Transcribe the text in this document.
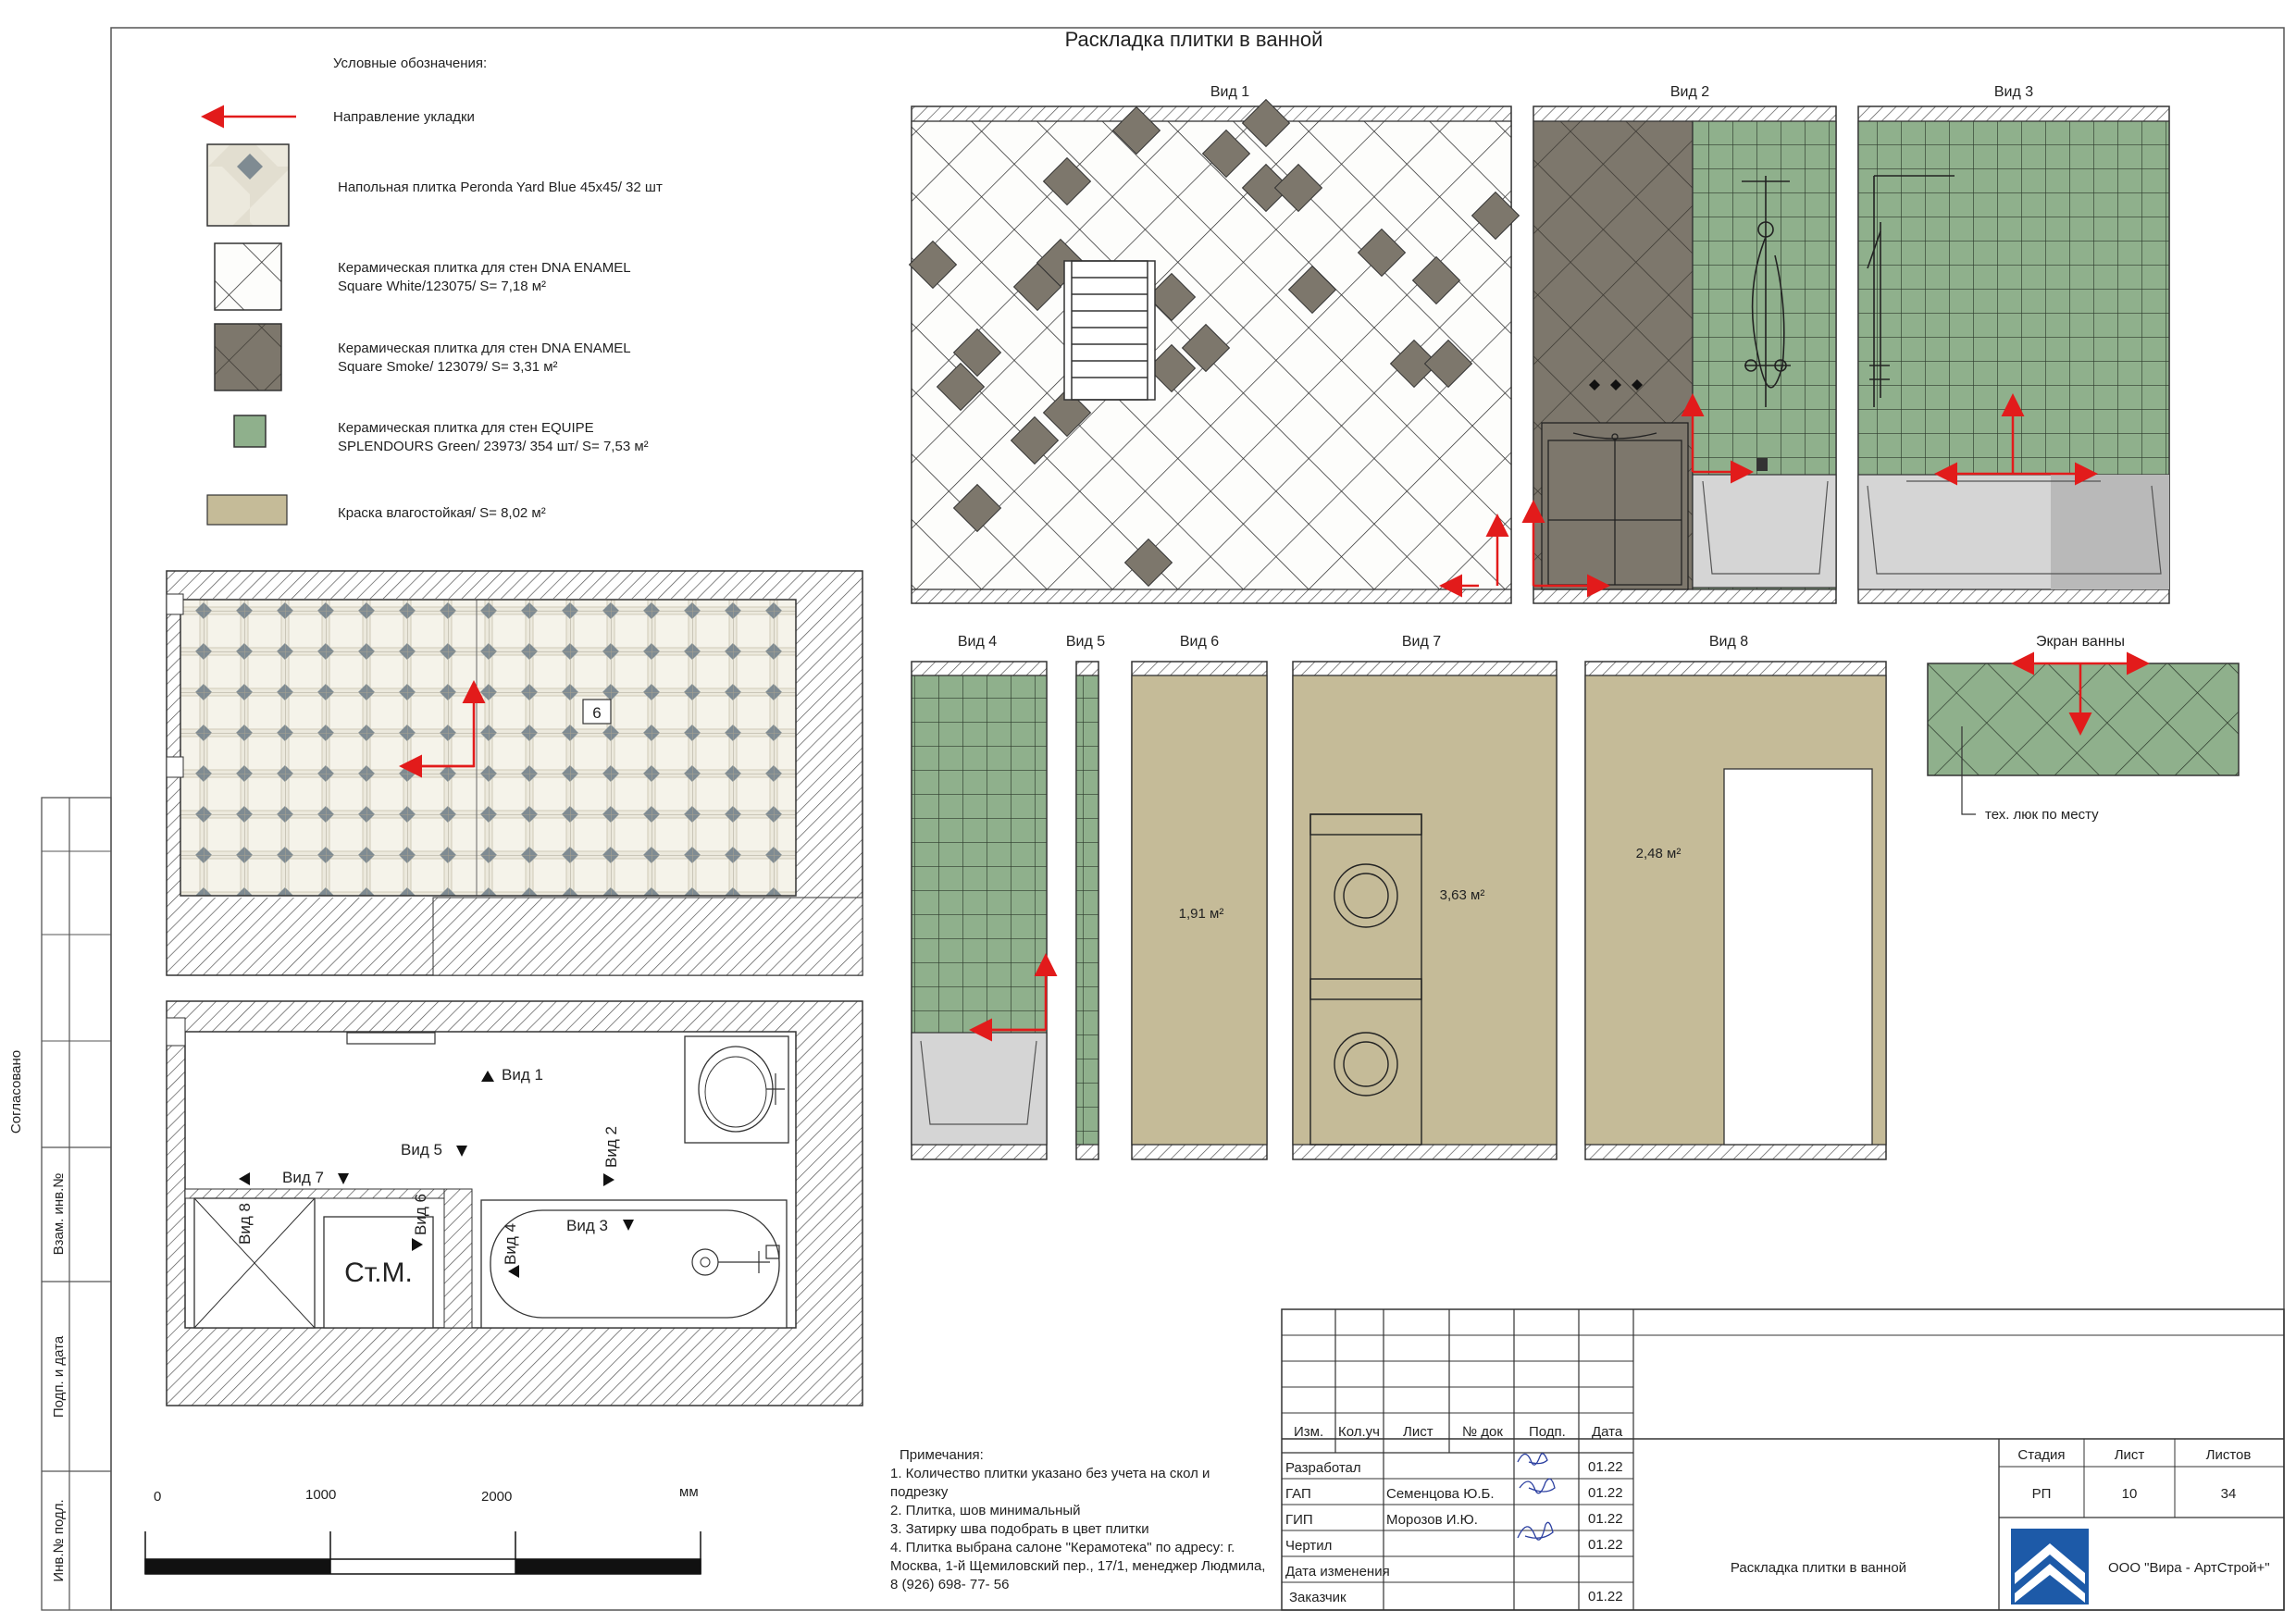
Согласовано
Взам. инв.№
Подп. и дата
Инв.№ подл.
Раскладка плитки в ванной
Условные обозначения:
Направление укладки
Напольная плитка Peronda Yard Blue 45х45/ 32 шт
Керамическая плитка для стен DNA ENAMEL
Square White/123075/ S= 7,18 м²
Керамическая плитка для стен DNA ENAMEL
Square Smoke/ 123079/ S= 3,31 м²
Керамическая плитка для стен EQUIPE
SPLENDOURS Green/ 23973/ 354 шт/ S= 7,53 м²
Краска влагостойкая/ S= 8,02 м²
6
Ст.М.
Вид 1
Вид 5
Вид 7
Вид 2
Вид 3
Вид 6
Вид 4
Вид 8
0	1000	2000	мм
Примечания:
1. Количество плитки указано без учета на скол и
подрезку
2. Плитка, шов минимальный
3. Затирку шва подобрать в цвет плитки
4. Плитка выбрана салоне "Керамотека" по адресу: г.
Москва, 1-й Щемиловский пер., 17/1, менеджер Людмила,
8 (926) 698- 77- 56
Вид 1	Вид 2	Вид 3
Вид 4	Вид 5	Вид 6
1,91 м²
Вид 7
3,63 м²
Вид 8
2,48 м²
Экран ванны
тех. люк по месту
Изм. Кол.уч Лист № док Подп. Дата
Разработал	01.22
ГАП	Семенцова Ю.Б.	01.22
ГИП	Морозов И.Ю.	01.22
Чертил	01.22
Дата изменения
Заказчик	01.22
Стадия	Лист	Листов
РП	10	34
Раскладка плитки в ванной	ООО "Вира - АртСтрой+"
